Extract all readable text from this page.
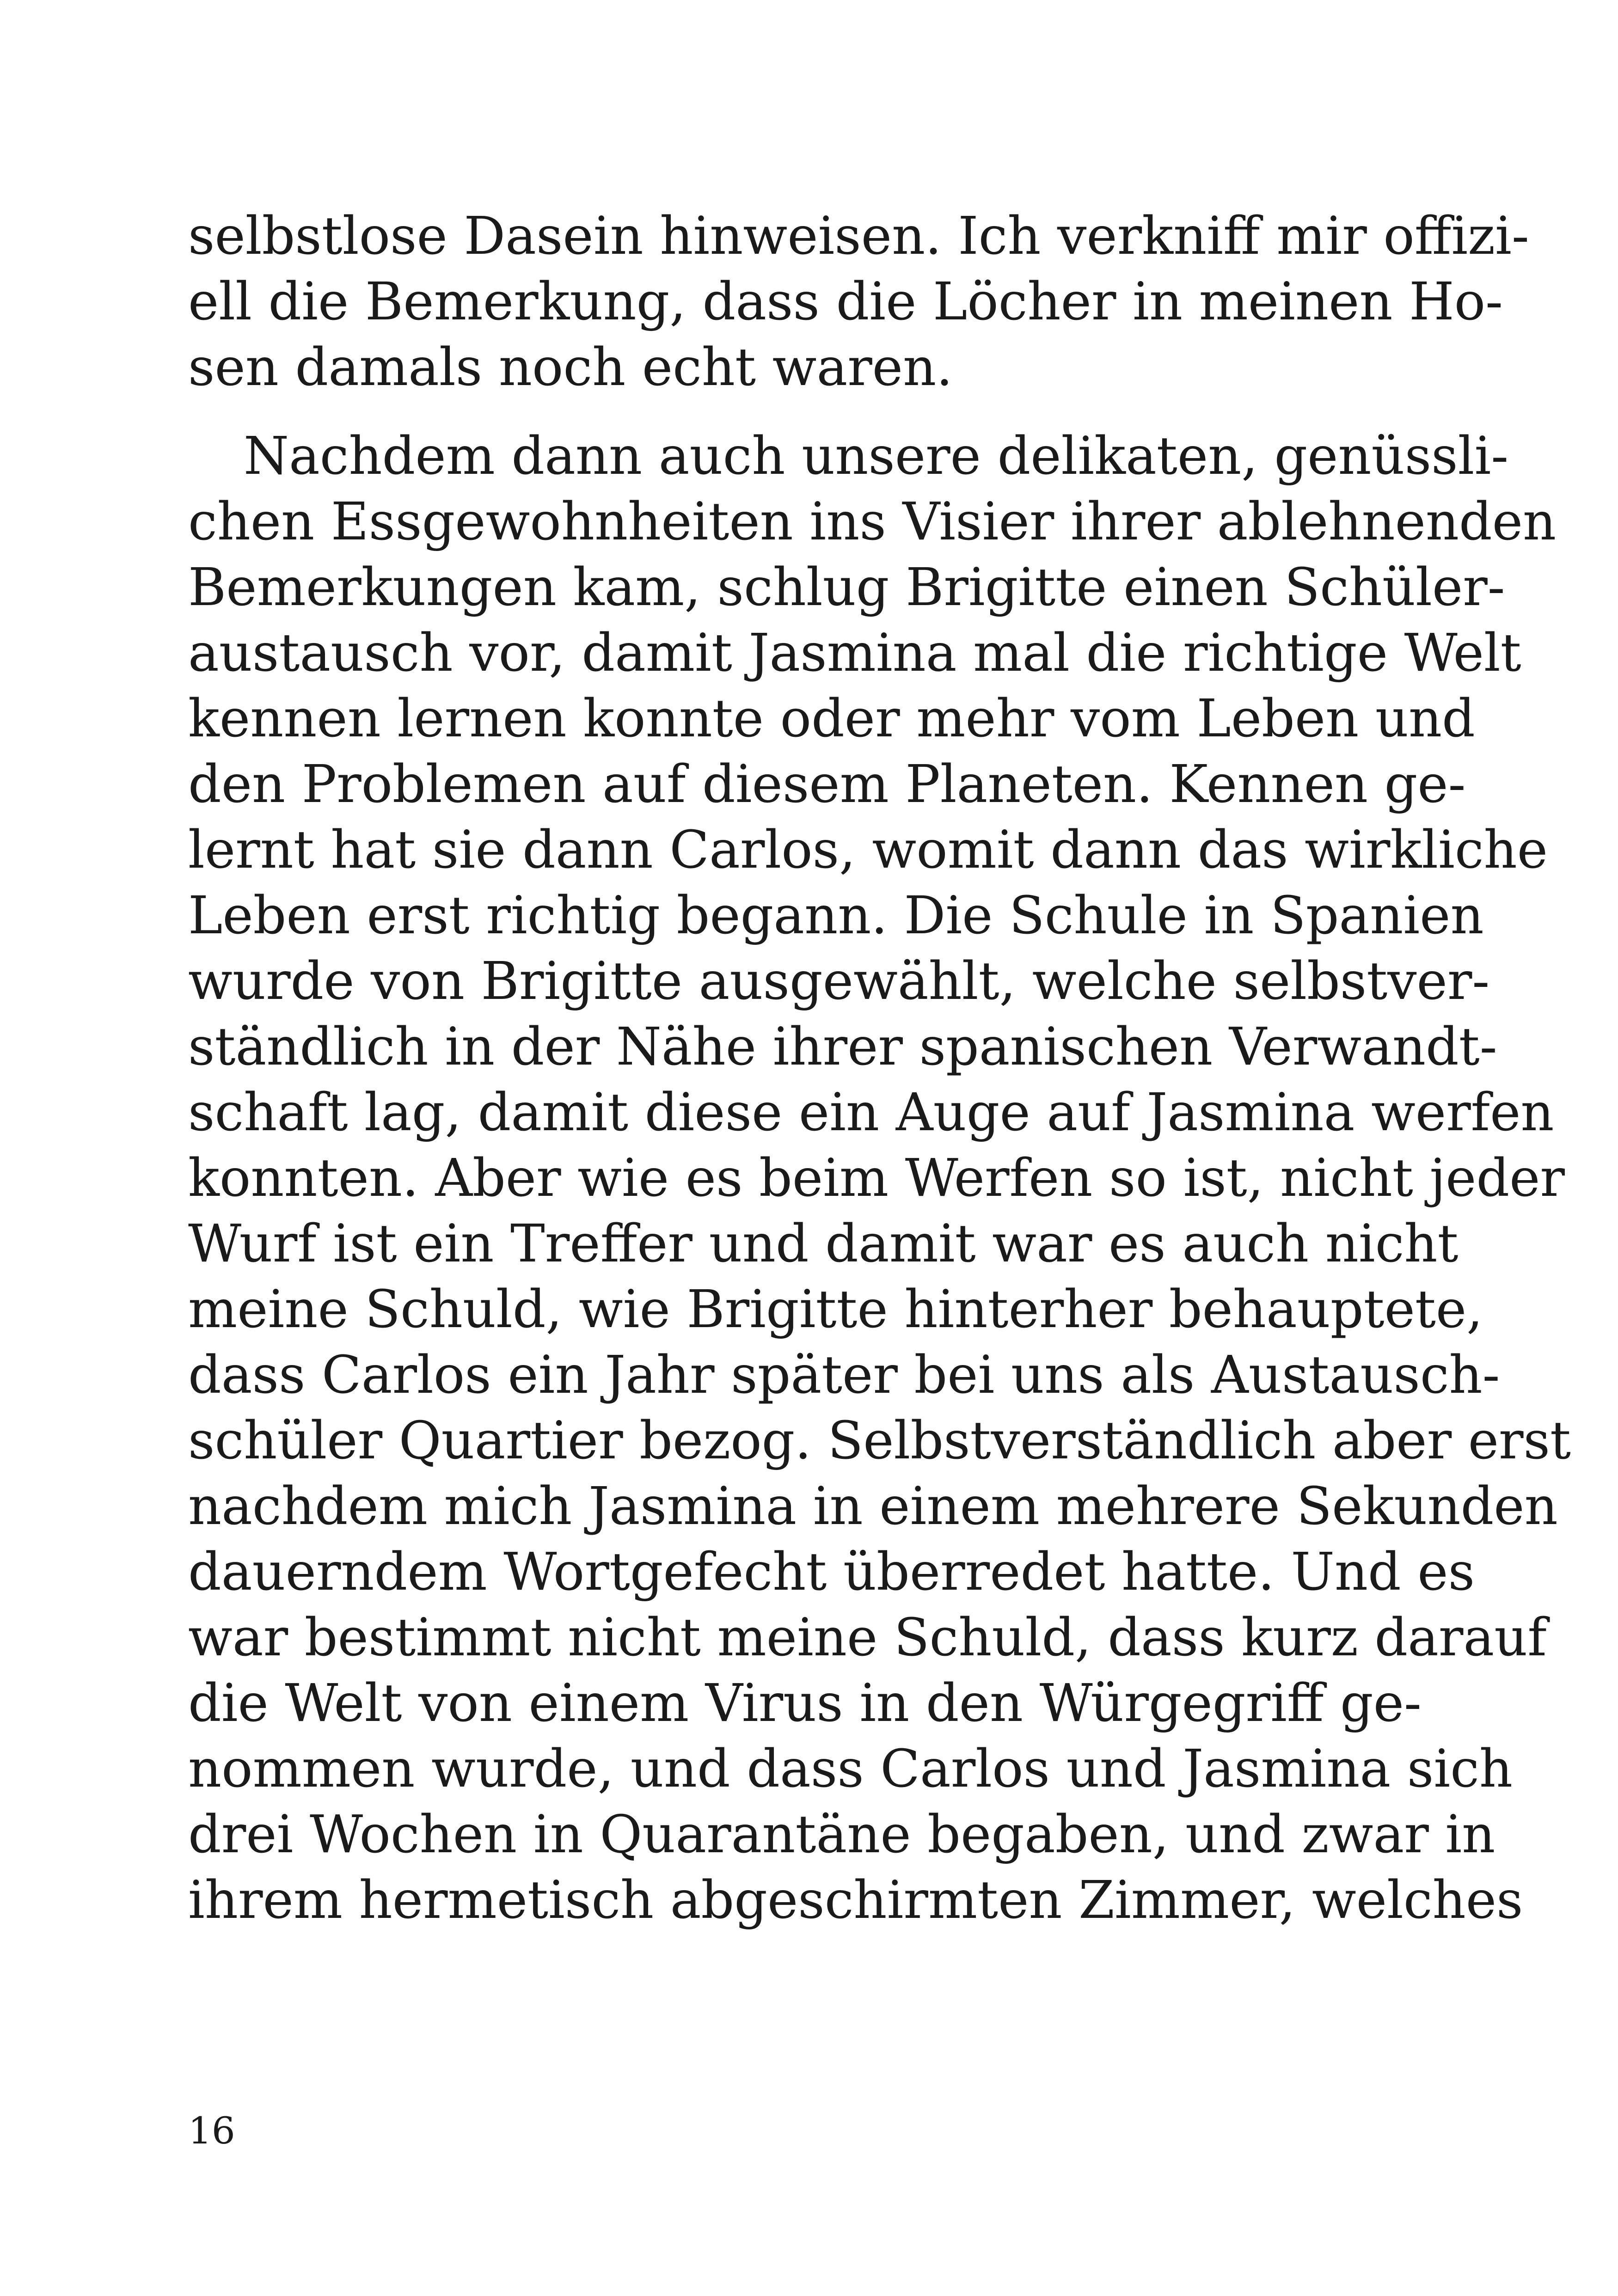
selbstlose Dasein hinweisen. Ich verkniff mir offizi-
ell die Bemerkung, dass die Löcher in meinen Ho-
sen damals noch echt waren.
Nachdem dann auch unsere delikaten, genüssli-
chen Essgewohnheiten ins Visier ihrer ablehnenden
Bemerkungen kam, schlug Brigitte einen Schüler-
austausch vor, damit Jasmina mal die richtige Welt
kennen lernen konnte oder mehr vom Leben und
den Problemen auf diesem Planeten. Kennen ge-
lernt hat sie dann Carlos, womit dann das wirkliche
Leben erst richtig begann. Die Schule in Spanien
wurde von Brigitte ausgewählt, welche selbstver-
ständlich in der Nähe ihrer spanischen Verwandt-
schaft lag, damit diese ein Auge auf Jasmina werfen
konnten. Aber wie es beim Werfen so ist, nicht jeder
Wurf ist ein Treffer und damit war es auch nicht
meine Schuld, wie Brigitte hinterher behauptete,
dass Carlos ein Jahr später bei uns als Austausch-
schüler Quartier bezog. Selbstverständlich aber erst
nachdem mich Jasmina in einem mehrere Sekunden
dauerndem Wortgefecht überredet hatte. Und es
war bestimmt nicht meine Schuld, dass kurz darauf
die Welt von einem Virus in den Würgegriff ge-
nommen wurde, und dass Carlos und Jasmina sich
drei Wochen in Quarantäne begaben, und zwar in
ihrem hermetisch abgeschirmten Zimmer, welches
16
